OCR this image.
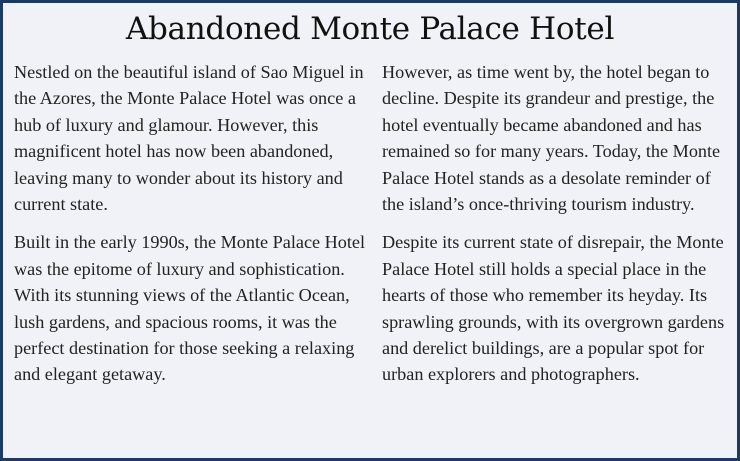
Abandoned Monte Palace Hotel

Nestled on the beautiful island of Sao Miguel in the Azores, the Monte Palace Hotel was once a hub of luxury and glamour. However, this magnificent hotel has now been abandoned, leaving many to wonder about its history and current state.

Built in the early 1990s, the Monte Palace Hotel was the epitome of luxury and sophistication. With its stunning views of the Atlantic Ocean, lush gardens, and spacious rooms, it was the perfect destination for those seeking a relaxing and elegant getaway.

However, as time went by, the hotel began to decline. Despite its grandeur and prestige, the hotel eventually became abandoned and has remained so for many years. Today, the Monte Palace Hotel stands as a desolate reminder of the island’s once-thriving tourism industry.

Despite its current state of disrepair, the Monte Palace Hotel still holds a special place in the hearts of those who remember its heyday. Its sprawling grounds, with its overgrown gardens and derelict buildings, are a popular spot for urban explorers and photographers.
